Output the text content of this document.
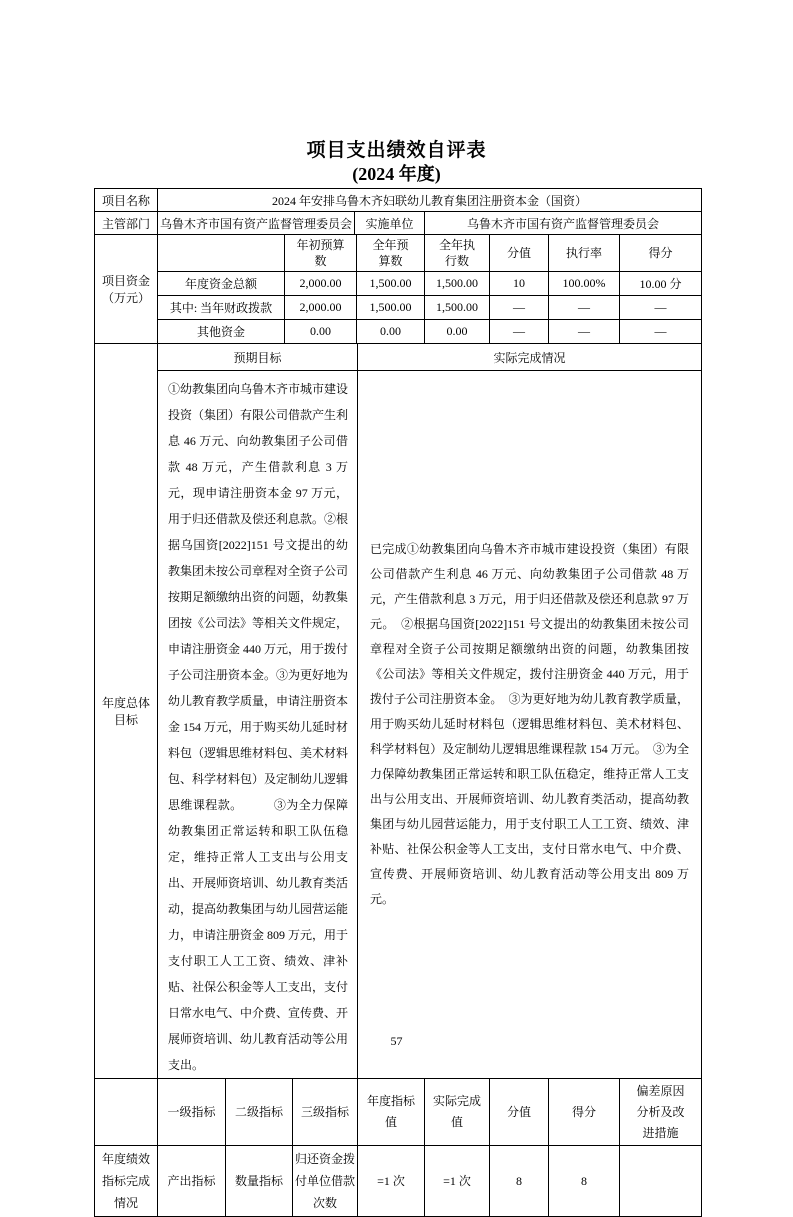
项目支出绩效自评表
(2024 年度)
项目名称	2024 年安排乌鲁木齐妇联幼儿教育集团注册资本金（国资）		
主管部门	乌鲁木齐市国有资产监督管理委员会	实施单位	乌鲁木齐市国有资产监督管理委员会
项目资金（万元）		年初预算数	全年预算数	全年执行数	分值	执行率	得分
	年度资金总额	2,000.00	1,500.00	1,500.00	10	100.00%	10.00 分
	其中: 当年财政拨款	2,000.00	1,500.00	1,500.00	—	—	—
	其他资金	0.00	0.00	0.00	—	—	—
年度总体目标	预期目标	实际完成情况
①幼教集团向乌鲁木齐市城市建设投资（集团）有限公司借款产生利息 46 万元、向幼教集团子公司借款 48 万元，产生借款利息 3 万元，现申请注册资本金 97 万元，用于归还借款及偿还利息款。②根据乌国资[2022]151 号文提出的幼教集团未按公司章程对全资子公司按期足额缴纳出资的问题，幼教集团按《公司法》等相关文件规定，申请注册资金 440 万元，用于拨付子公司注册资本金。③为更好地为幼儿教育教学质量，申请注册资本金 154 万元，用于购买幼儿延时材料包（逻辑思维材料包、美术材料包、科学材料包）及定制幼儿逻辑思维课程款。　　　③为全力保障幼教集团正常运转和职工队伍稳定，维持正常人工支出与公用支出、开展师资培训、幼儿教育类活动，提高幼教集团与幼儿园营运能力，申请注册资金 809 万元，用于支付职工人工工资、绩效、津补贴、社保公积金等人工支出，支付日常水电气、中介费、宣传费、开展师资培训、幼儿教育活动等公用支出。	已完成①幼教集团向乌鲁木齐市城市建设投资（集团）有限公司借款产生利息 46 万元、向幼教集团子公司借款 48 万元，产生借款利息 3 万元，用于归还借款及偿还利息款 97 万元。　②根据乌国资[2022]151 号文提出的幼教集团未按公司章程对全资子公司按期足额缴纳出资的问题，幼教集团按《公司法》等相关文件规定，拨付注册资金 440 万元，用于拨付子公司注册资本金。　③为更好地为幼儿教育教学质量，用于购买幼儿延时材料包（逻辑思维材料包、美术材料包、科学材料包）及定制幼儿逻辑思维课程款 154 万元。　③为全力保障幼教集团正常运转和职工队伍稳定，维持正常人工支出与公用支出、开展师资培训、幼儿教育类活动，提高幼教集团与幼儿园营运能力，用于支付职工人工工资、绩效、津补贴、社保公积金等人工支出，支付日常水电气、中介费、宣传费、开展师资培训、幼儿教育活动等公用支出 809 万元。
	一级指标	二级指标	三级指标	年度指标值	实际完成值	分值	得分	偏差原因分析及改进措施
年度绩效指标完成情况	产出指标	数量指标	归还资金拨付单位借款次数	=1 次	=1 次	8	8	
57
